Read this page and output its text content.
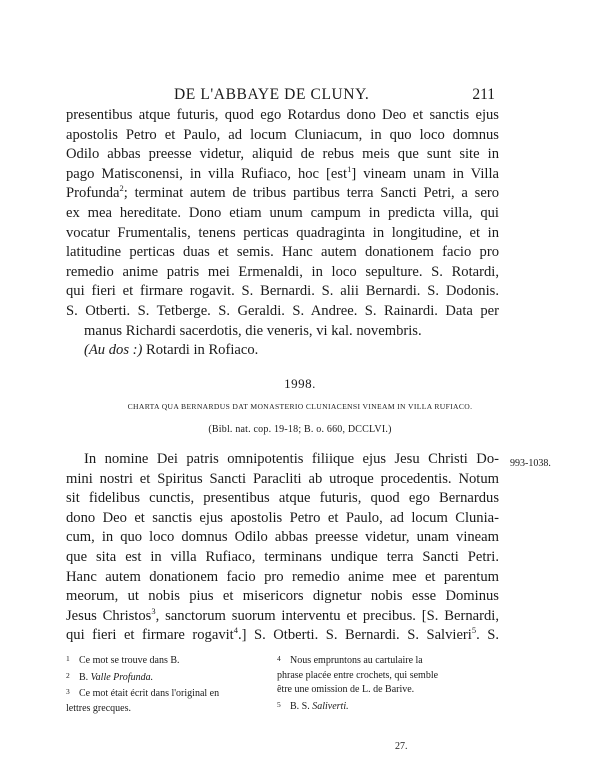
DE L'ABBAYE DE CLUNY.	211
presentibus atque futuris, quod ego Rotardus dono Deo et sanctis ejus
apostolis Petro et Paulo, ad locum Cluniacum, in quo loco domnus
Odilo abbas preesse videtur, aliquid de rebus meis que sunt site in
pago Matisconensi, in villa Rufiaco, hoc [est$^1$] vineam unam in Villa
Profunda$^2$; terminat autem de tribus partibus terra Sancti Petri, a sero
ex mea hereditate. Dono etiam unum campum in predicta villa, qui
vocatur Frumentalis, tenens perticas quadraginta in longitudine, et in
latitudine perticas duas et semis. Hanc autem donationem facio pro
remedio anime patris mei Ermenaldi, in loco sepulture. S. Rotardi,
qui fieri et firmare rogavit. S. Bernardi. S. alii Bernardi. S. Dodonis.
S. Otberti. S. Tetberge. S. Geraldi. S. Andree. S. Rainardi. Data per
manus Richardi sacerdotis, die veneris, vi kal. novembris.
(Au dos :) Rotardi in Rofiaco.
1998.
CHARTA QUA BERNARDUS DAT MONASTERIO CLUNIACENSI VINEAM IN VILLA RUFIACO.
(Bibl. nat. cop. 19-18; B. o. 660, DCCLVI.)
993-1038.
In nomine Dei patris omnipotentis filiique ejus Jesu Christi Do-
mini nostri et Spiritus Sancti Paracliti ab utroque procedentis. Notum
sit fidelibus cunctis, presentibus atque futuris, quod ego Bernardus
dono Deo et sanctis ejus apostolis Petro et Paulo, ad locum Clunia-
cum, in quo loco domnus Odilo abbas preesse videtur, unam vineam
que sita est in villa Rufiaco, terminans undique terra Sancti Petri.
Hanc autem donationem facio pro remedio anime mee et parentum
meorum, ut nobis pius et misericors dignetur nobis esse Dominus
Jesus Christos$^3$, sanctorum suorum interventu et precibus. [S. Bernardi,
qui fieri et firmare rogavit$^4$.] S. Otberti. S. Bernardi. S. Salvieri$^5$. S.
1 Ce mot se trouve dans B.
2 B. Valle Profunda.
3 Ce mot était écrit dans l'original en
lettres grecques.
4 Nous empruntons au cartulaire la
phrase placée entre crochets, qui semble
être une omission de L. de Barive.
5 B. S. Saliverti.
27.
